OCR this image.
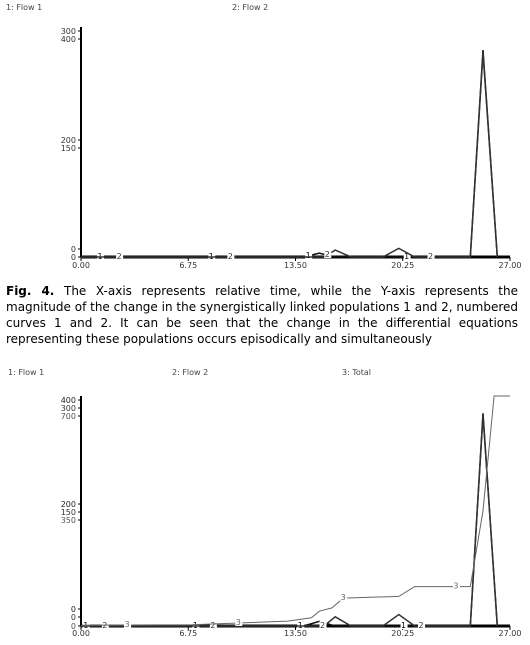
1: Flow 1	2: Flow 2
300
200
0
400
150
0
0.00	6.75	13.50	20.25	27.00
1	1	1	1
2	2	2	2
Fig. 4. The X-axis represents relative time, while the Y-axis represents the magnitude of the change in the synergistically linked populations 1 and 2, numbered curves 1 and 2. It can be seen that the change in the differential equations representing these populations occurs episodically and simultaneously
1: Flow 1	2: Flow 2	3: Total
400
200
0
300
150
0
700
350
0
0.00	6.75	13.50	20.25	27.00
1	1	1	1
2	2	2	2
3	3
3
3
